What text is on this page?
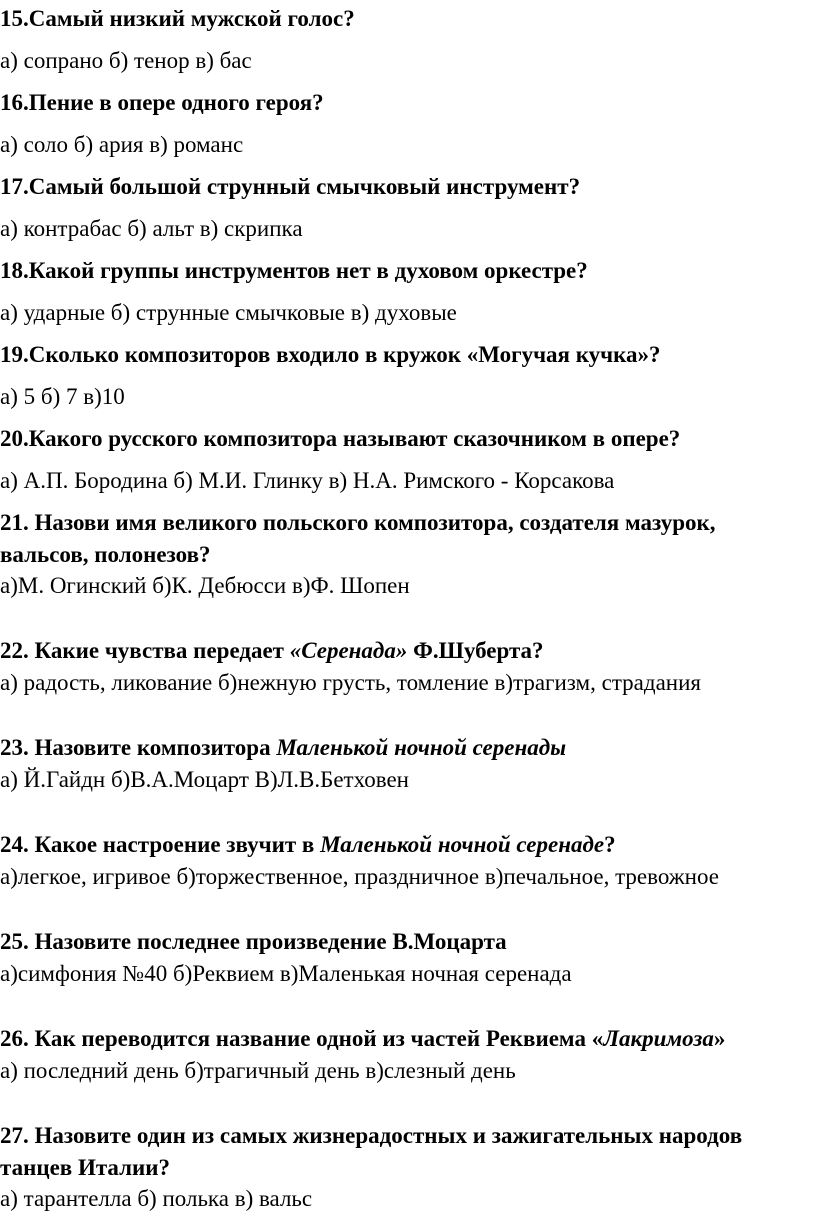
15.Самый низкий мужской голос?
а) сопрано б) тенор в) бас
16.Пение в опере одного героя?
а) соло б) ария в) романс
17.Самый большой струнный смычковый инструмент?
а) контрабас б) альт в) скрипка
18.Какой группы инструментов нет в духовом оркестре?
а) ударные б) струнные смычковые в) духовые
19.Сколько композиторов входило в кружок «Могучая кучка»?
а) 5 б) 7 в)10
20.Какого русского композитора называют сказочником в опере?
а) А.П. Бородина б) М.И. Глинку в) Н.А. Римского - Корсакова
21. Назови имя великого польского композитора, создателя мазурок,
вальсов, полонезов?
а)М. Огинский б)К. Дебюсси в)Ф. Шопен
22. Какие чувства передает «Серенада» Ф.Шуберта?
а) радость, ликование б)нежную грусть, томление в)трагизм, страдания
23. Назовите композитора Маленькой ночной серенады
а) Й.Гайдн б)В.А.Моцарт В)Л.В.Бетховен
24. Какое настроение звучит в Маленькой ночной серенаде?
а)легкое, игривое б)торжественное, праздничное в)печальное, тревожное
25. Назовите последнее произведение В.Моцарта
а)симфония №40 б)Реквием в)Маленькая ночная серенада
26. Как переводится название одной из частей Реквиема «Лакримоза»
а) последний день б)трагичный день в)слезный день
27. Назовите один из самых жизнерадостных и зажигательных народов
танцев Италии?
а) тарантелла б) полька в) вальс
